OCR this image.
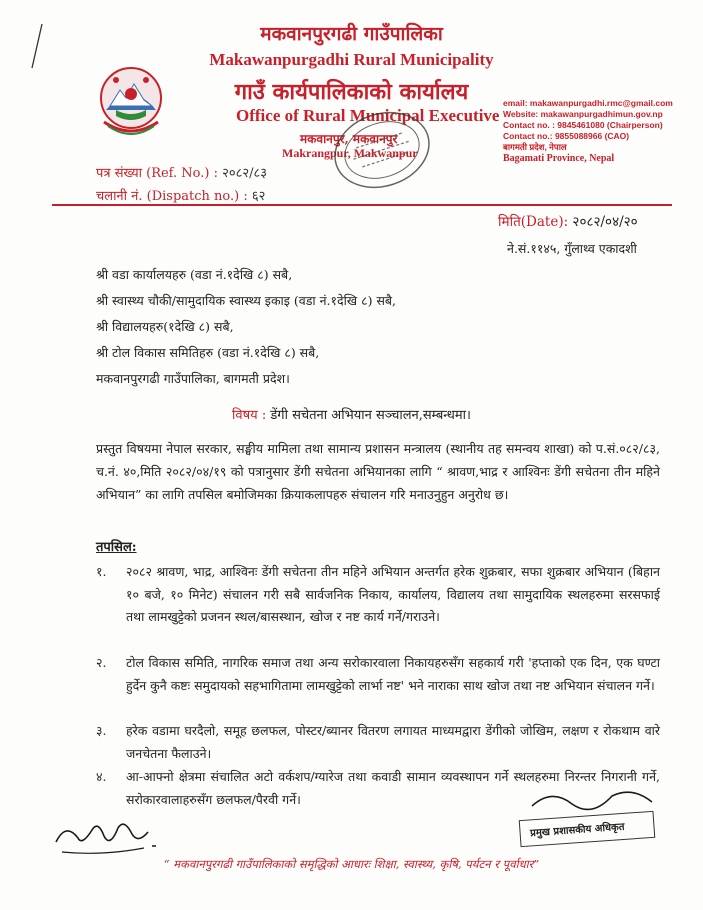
मकवानपुरगढी गाउँपालिका
Makawanpurgadhi Rural Municipality
गाउँ कार्यपालिकाको कार्यालय
Office of Rural Municipal Executive
मकवानपुर, मकवानपुर
Makrangpur, Makwanpur
email: makawanpurgadhi.rmc@gmail.com
Website: makawanpurgadhimun.gov.np
Contact no. : 9845461080 (Chairperson)
Contact no.: 9855088966 (CAO)
बागमती प्रदेश, नेपाल
Bagamati Province, Nepal
पत्र संख्या (Ref. No.) : २०८२/८३
चलानी नं. (Dispatch no.) : ६२
मिति(Date): २०८२/०४/२०
ने.सं.११४५, गुँलाथ्व एकादशी
श्री वडा कार्यालयहरु (वडा नं.१देखि ८) सबै,
श्री स्वास्थ्य चौकी/सामुदायिक स्वास्थ्य इकाइ (वडा नं.१देखि ८) सबै,
श्री विद्यालयहरु(१देखि ८) सबै,
श्री टोल विकास समितिहरु (वडा नं.१देखि ८) सबै,
मकवानपुरगढी गाउँपालिका, बागमती प्रदेश।
विषय : डेंगी सचेतना अभियान सञ्चालन,सम्बन्धमा।
प्रस्तुत विषयमा नेपाल सरकार, सङ्घीय मामिला तथा सामान्य प्रशासन मन्त्रालय (स्थानीय तह समन्वय शाखा) को प.सं.०८२/८३, च.नं. ४०,मिति २०८२/०४/१९ को पत्रानुसार डेंगी सचेतना अभियानका लागि “ श्रावण,भाद्र र आश्विनः डेंगी सचेतना तीन महिने अभियान” का लागि तपसिल बमोजिमका क्रियाकलापहरु संचालन गरि मनाउनुहुन अनुरोध छ।
तपसिल:
१. २०८२ श्रावण, भाद्र, आश्विनः डेंगी सचेतना तीन महिने अभियान अन्तर्गत हरेक शुक्रबार, सफा शुक्रबार अभियान (बिहान १० बजे, १० मिनेट) संचालन गरी सबै सार्वजनिक निकाय, कार्यालय, विद्यालय तथा सामुदायिक स्थलहरुमा सरसफाई तथा लामखुट्टेको प्रजनन स्थल/बासस्थान, खोज र नष्ट कार्य गर्ने/गराउने।
२. टोल विकास समिति, नागरिक समाज तथा अन्य सरोकारवाला निकायहरुसँग सहकार्य गरी 'हप्ताको एक दिन, एक घण्टा हुर्देन कुनै कष्टः समुदायको सहभागितामा लामखुट्टेको लार्भा नष्ट' भने नाराका साथ खोज तथा नष्ट अभियान संचालन गर्ने।
३. हरेक वडामा घरदैलो, समूह छलफल, पोस्टर/ब्यानर वितरण लगायत माध्यमद्वारा डेंगीको जोखिम, लक्षण र रोकथाम वारे जनचेतना फैलाउने।
४. आ-आफ्नो क्षेत्रमा संचालित अटो वर्कशप/ग्यारेज तथा कवाडी सामान व्यवस्थापन गर्ने स्थलहरुमा निरन्तर निगरानी गर्ने, सरोकारवालाहरुसँग छलफल/पैरवी गर्ने।
प्रमुख प्रशासकीय अधिकृत
“ मकवानपुरगढी गाउँपालिकाको समृद्धिको आधारः शिक्षा, स्वास्थ्य, कृषि, पर्यटन र पूर्वाधार”
